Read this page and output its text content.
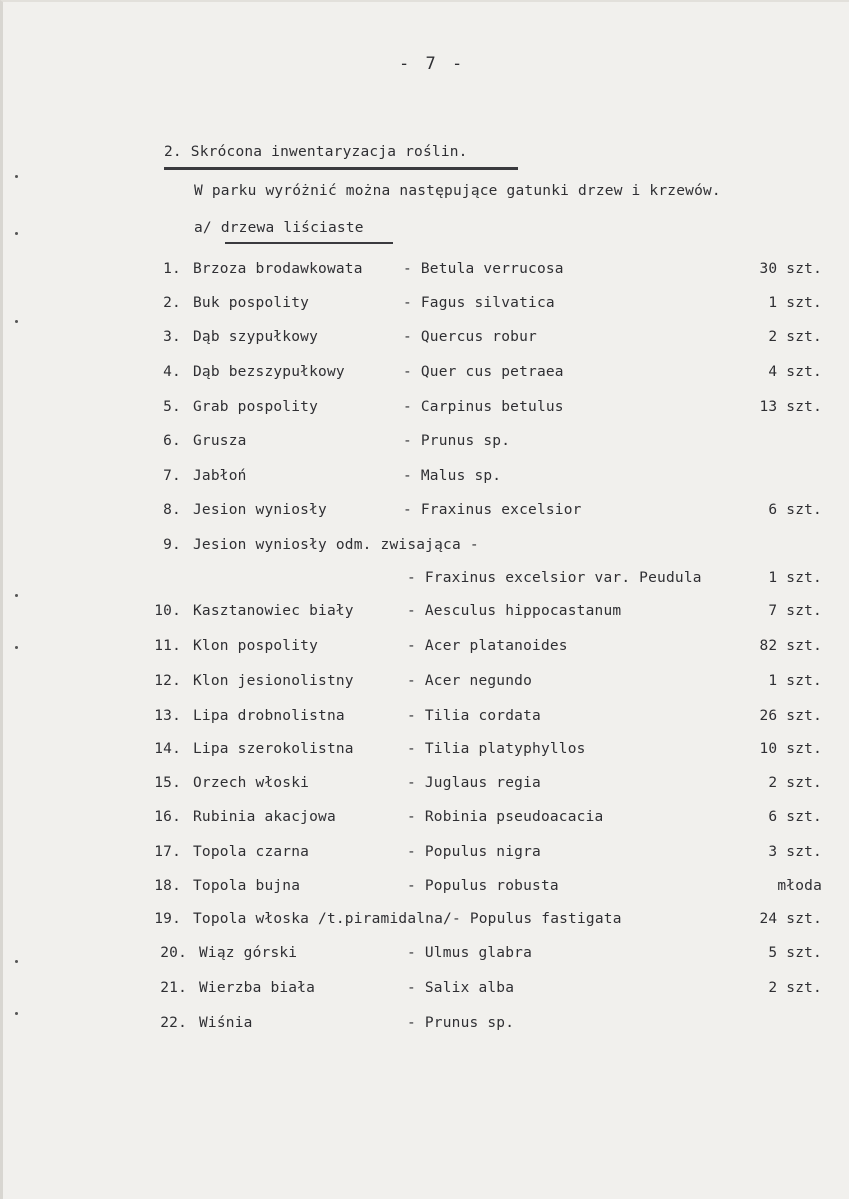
- 7 -
2. Skrócona inwentaryzacja roślin.
W parku wyróżnić można następujące gatunki drzew i krzewów.
a/ drzewa liściaste
1. Brzoza brodawkowata	- Betula verrucosa	30 szt.
2. Buk pospolity	- Fagus silvatica	1 szt.
3. Dąb szypułkowy	- Quercus robur	2 szt.
4. Dąb bezszypułkowy	- Quer cus petraea	4 szt.
5. Grab pospolity	- Carpinus betulus	13 szt.
6. Grusza	- Prunus sp.
7. Jabłoń	- Malus sp.
8. Jesion wyniosły	- Fraxinus excelsior	6 szt.
9. Jesion wyniosły odm. zwisająca -
- Fraxinus excelsior var. Peudula	1 szt.
10. Kasztanowiec biały	- Aesculus hippocastanum	7 szt.
11. Klon pospolity	- Acer platanoides	82 szt.
12. Klon jesionolistny	- Acer negundo	1 szt.
13. Lipa drobnolistna	- Tilia cordata	26 szt.
14. Lipa szerokolistna	- Tilia platyphyllos	10 szt.
15. Orzech włoski	- Juglaus regia	2 szt.
16. Rubinia akacjowa	- Robinia pseudoacacia	6 szt.
17. Topola czarna	- Populus nigra	3 szt.
18. Topola bujna	- Populus robusta	młoda
19. Topola włoska /t.piramidalna/- Populus fastigata	24 szt.
20. Wiąz górski	- Ulmus glabra	5 szt.
21. Wierzba biała	- Salix alba	2 szt.
22. Wiśnia	- Prunus sp.
